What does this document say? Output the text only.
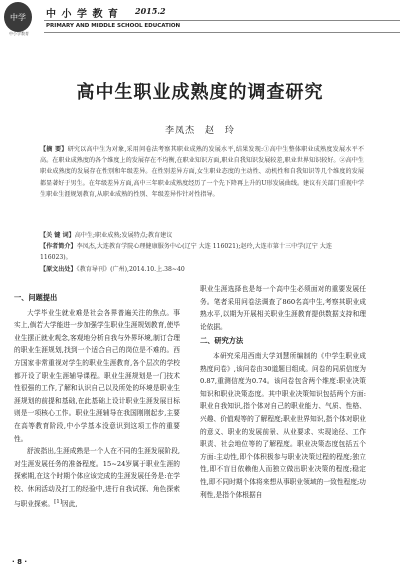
中学
中小学教育
中 小 学 教 育 2015.2
PRIMARY AND MIDDLE SCHOOL EDUCATION
高中生职业成熟度的调查研究
李凤杰 赵 玲
【摘 要】研究以高中生为对象,采用问卷法考察其职业成熟的发展水平,结果发现:①高中生整体职业成熟度发展水平不高。在职业成熟度的各个维度上的发展存在不均衡,在职业知识方面,职业自我知识发展较差,职业世界知识较好。②高中生职业成熟度的发展存在性别和年级差异。在性别差异方面,女生职业态度的主动性、动机性和自我知识等几个维度的发展都显著好于男生。在年级差异方面,高中三年职业成熟度经历了一个先下降再上升的U形发展曲线。建议有关部门重视中学生职业生涯规划教育,从职业成熟的性别、年级差异作针对性指导。
【关 键 词】高中生;职业成熟;发展特点;教育建议
【作者简介】李凤杰,大连教育学院心理健康服务中心(辽宁 大连 116021);赵玲,大连市第十三中学(辽宁 大连 116023)。
【原文出处】《教育导刊》(广州),2014.10.上.38~40
一、问题提出

大学毕业生就业难是社会各界普遍关注的焦点。事实上,倘若大学能进一步加强学生职业生涯规划教育,使毕业生摆正就业观念,客观地分析自我与外界环境,制订合理的职业生涯规划,找到一个适合自己的岗位是不难的。西方国家非常重视对学生的职业生涯教育,各个层次的学校都开设了职业生涯辅导课程。职业生涯规划是一门技术性很强的工作,了解和认识自己以及所处的环境是职业生涯规划的前提和基础,在此基础上设计职业生涯发展目标则是一项核心工作。职业生涯辅导在我国刚刚起步,主要在高等教育阶段,中小学基本没意识到这项工作的重要性。

舒波指出,生涯成熟是一个人在不同的生涯发展阶段,对生涯发展任务的准备程度。15~24岁属于职业生涯的探索期,在这个时期个体应该完成的生涯发展任务是:在学校、休闲活动及打工的经验中,进行自我试探、角色探索与职业探索。[1]因此,

职业生涯选择也是每一个高中生必须面对的重要发展任务。笔者采用问卷法调查了860名高中生,考察其职业成熟水平,以期为开展相关职业生涯教育提供数据支持和理论依据。

二、研究方法

本研究采用西南大学刘慧所编制的《中学生职业成熟度问卷》,该问卷由30道题目组成。问卷的同质信度为0.87,重测信度为0.74。该问卷包含两个维度:职业决策知识和职业决策态度。其中职业决策知识包括两个方面:职业自我知识,指个体对自己的职业能力、气质、性格、兴趣、价值观等的了解程度;职业世界知识,指个体对职业的意义、职业的发展前景、从业要求、实现途径、工作职责、社会地位等的了解程度。职业决策态度包括五个方面:主动性,即个体积极参与职业决策过程的程度;独立性,即不盲目依赖他人而独立做出职业决策的程度;稳定性,即不同时期个体将来想从事职业领域的一致性程度;功利性,是指个体根据自

· 8 ·
